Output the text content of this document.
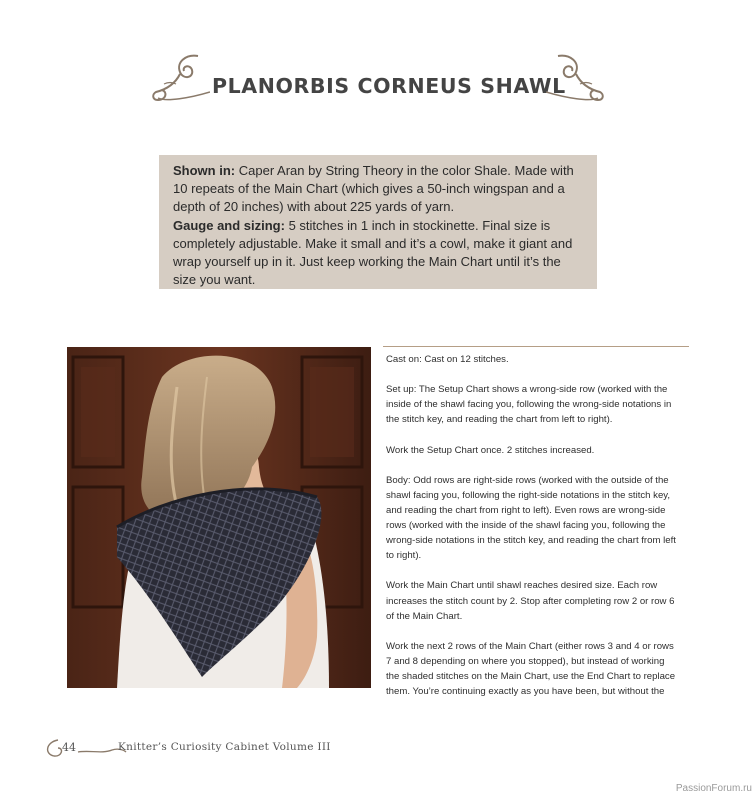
PLANORBIS CORNEUS SHAWL

Shown in: Caper Aran by String Theory in the color Shale. Made with

10 repeats of the Main Chart (which gives a 50-inch wingspan and a

depth of 20 inches) with about 225 yards of yarn.

Gauge and sizing: 5 stitches in 1 inch in stockinette. Final size is

completely adjustable. Make it small and it’s a cowl, make it giant and

wrap yourself up in it. Just keep working the Main Chart until it’s the

size you want.

Cast on: Cast on 12 stitches.

Set up: The Setup Chart shows a wrong-side row (worked with the
inside of the shawl facing you, following the wrong-side notations in
the stitch key, and reading the chart from left to right).

Work the Setup Chart once. 2 stitches increased.

Body: Odd rows are right-side rows (worked with the outside of the
shawl facing you, following the right-side notations in the stitch key,
and reading the chart from right to left). Even rows are wrong-side
rows (worked with the inside of the shawl facing you, following the
wrong-side notations in the stitch key, and reading the chart from left
to right).

Work the Main Chart until shawl reaches desired size. Each row
increases the stitch count by 2. Stop after completing row 2 or row 6
of the Main Chart.

Work the next 2 rows of the Main Chart (either rows 3 and 4 or rows
7 and 8 depending on where you stopped), but instead of working
the shaded stitches on the Main Chart, use the End Chart to replace
them. You’re continuing exactly as you have been, but without the

44	Knitter’s Curiosity Cabinet Volume III
PassionForum.ru
